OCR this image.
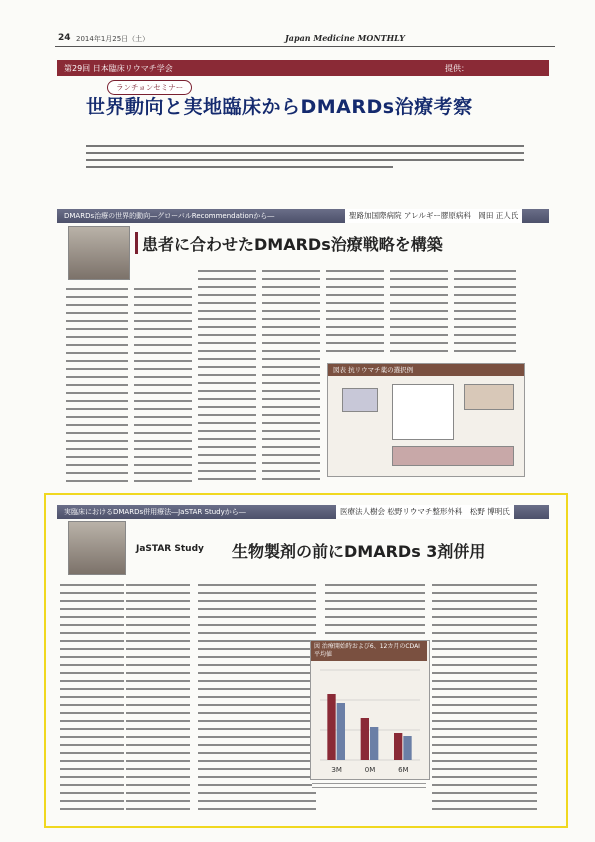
24 2014年1月25日（土）	Japan Medicine MONTHLY
第29回 日本臨床リウマチ学会	提供：
ランチョンセミナー
世界動向と実地臨床からDMARDs治療考察
DMARDs治療の世界的動向―グローバルRecommendationから―	聖路加国際病院 アレルギー膠原病科　岡田 正人氏
患者に合わせたDMARDs治療戦略を構築
図表 抗リウマチ薬の選択例
実臨床におけるDMARDs併用療法―JaSTAR Studyから―	医療法人樹会 松野リウマチ整形外科　松野 博明氏
JaSTAR Study 生物製剤の前にDMARDs 3剤併用
図 治療開始時および6、12カ月のCDAI平均値
ЗМ	0M	6M
